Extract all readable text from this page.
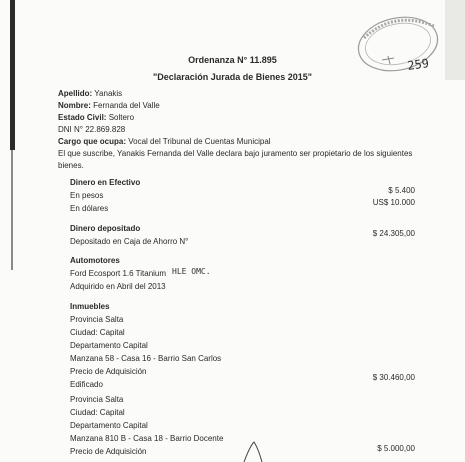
259
Ordenanza N° 11.895
"Declaración Jurada de Bienes 2015"
Apellido: Yanakis
Nombre: Fernanda del Valle
Estado Civil: Soltero
DNI N° 22.869.828
Cargo que ocupa: Vocal del Tribunal de Cuentas Municipal
El que suscribe, Yanakis Fernanda del Valle declara bajo juramento ser propietario de los siguientes
bienes.
Dinero en Efectivo
En pesos
$ 5.400
En dólares
US$ 10.000
Dinero depositado
$ 24.305,00
Depositado en Caja de Ahorro N°
Automotores
Ford Ecosport 1.6 Titanium HLE OMC.
Adquirido en Abril del 2013
Inmuebles
Provincia Salta
Ciudad: Capital
Departamento Capital
Manzana 58 - Casa 16 - Barrio San Carlos
Precio de Adquisición
$ 30.460,00
Edificado
Provincia Salta
Ciudad: Capital
Departamento Capital
Manzana 810 B - Casa 18 - Barrio Docente
Precio de Adquisición	$ 5.000,00
